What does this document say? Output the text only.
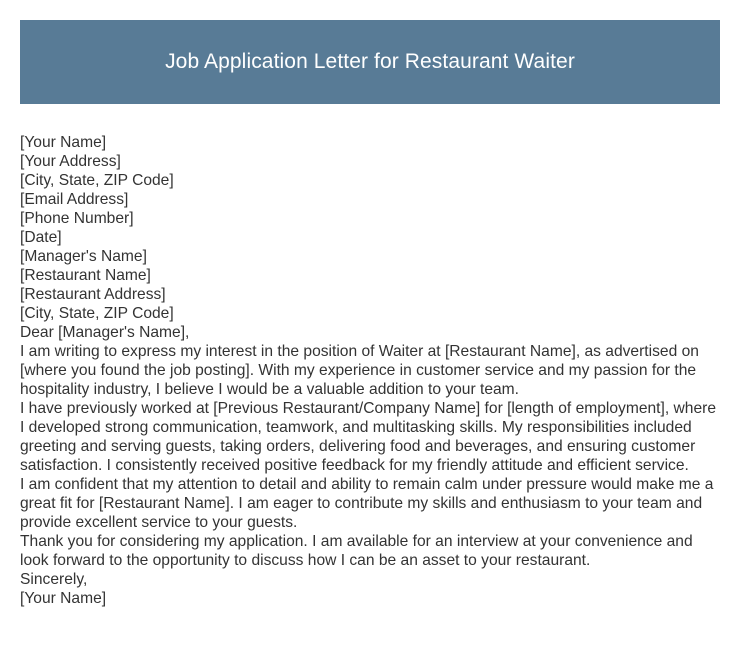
Job Application Letter for Restaurant Waiter

[Your Name]

[Your Address]

[City, State, ZIP Code]

[Email Address]

[Phone Number]

[Date]

[Manager's Name]

[Restaurant Name]

[Restaurant Address]

[City, State, ZIP Code]

Dear [Manager's Name],

I am writing to express my interest in the position of Waiter at [Restaurant Name], as advertised on [where you found the job posting]. With my experience in customer service and my passion for the hospitality industry, I believe I would be a valuable addition to your team.

I have previously worked at [Previous Restaurant/Company Name] for [length of employment], where I developed strong communication, teamwork, and multitasking skills. My responsibilities included greeting and serving guests, taking orders, delivering food and beverages, and ensuring customer satisfaction. I consistently received positive feedback for my friendly attitude and efficient service.

I am confident that my attention to detail and ability to remain calm under pressure would make me a great fit for [Restaurant Name]. I am eager to contribute my skills and enthusiasm to your team and provide excellent service to your guests.

Thank you for considering my application. I am available for an interview at your convenience and look forward to the opportunity to discuss how I can be an asset to your restaurant.

Sincerely,

[Your Name]
